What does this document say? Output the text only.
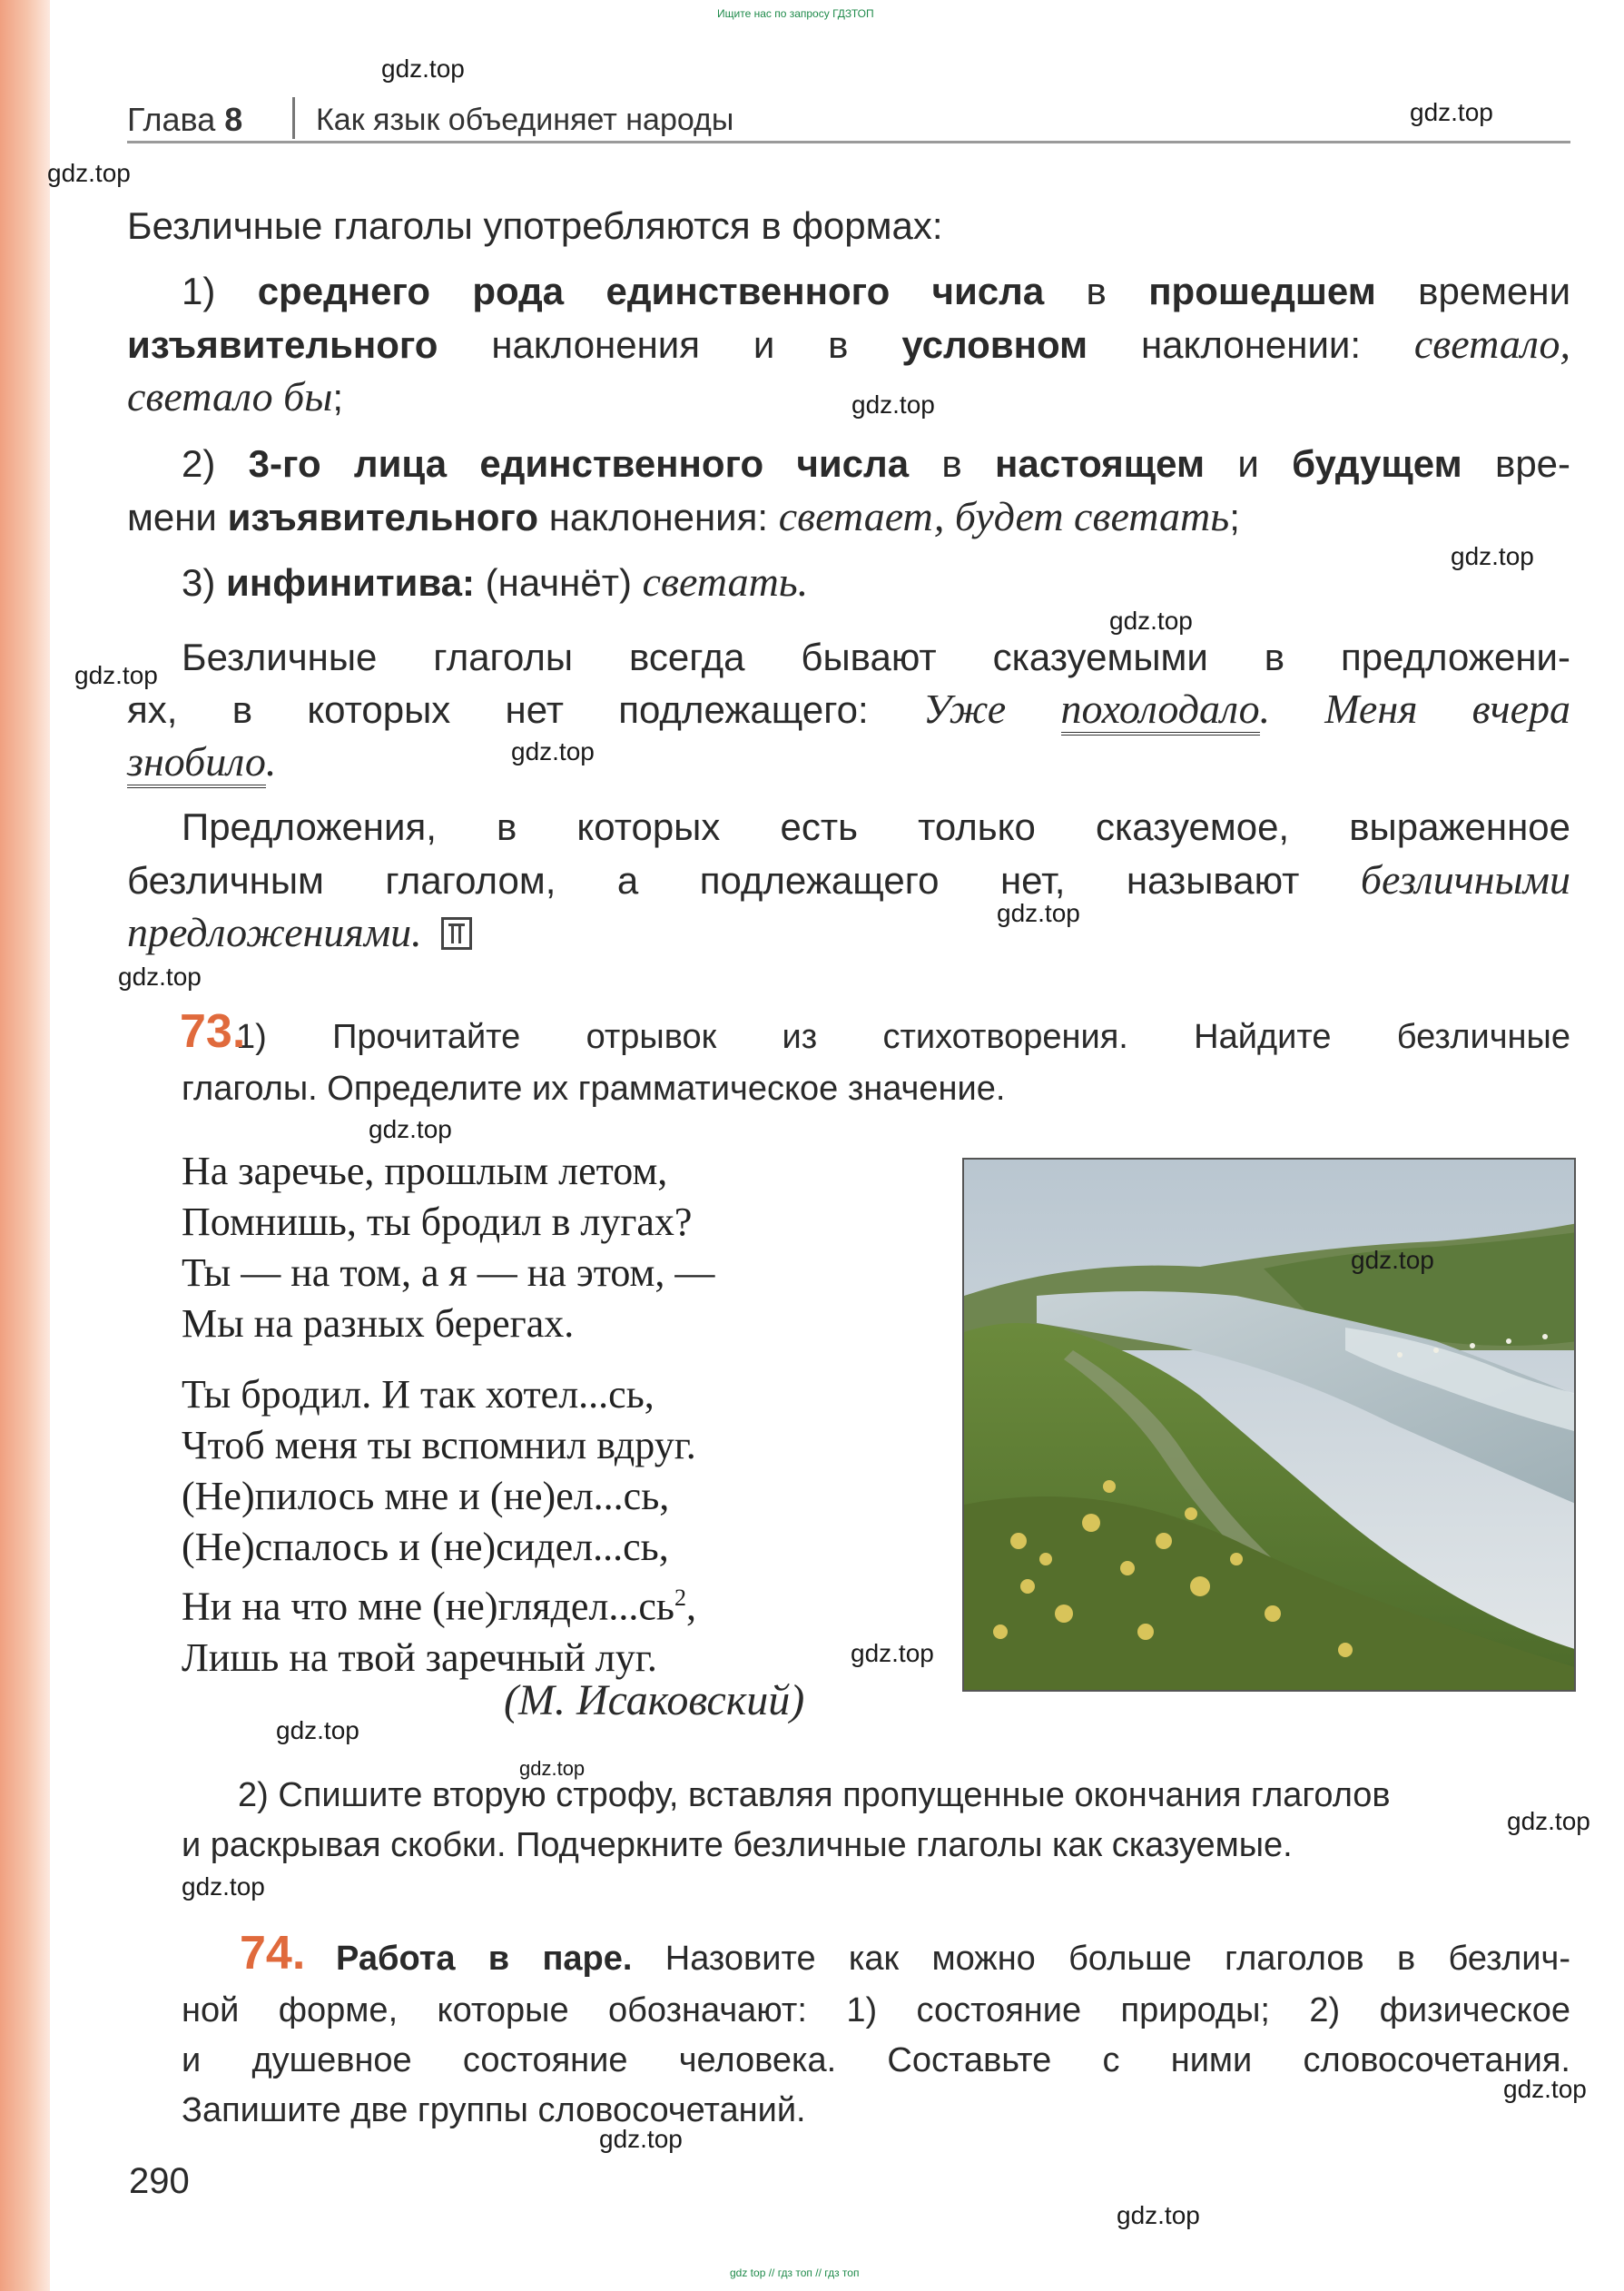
Ищите нас по запросу ГДЗТОП
Глава 8 Как язык объединяет народы
Безличные глаголы употребляются в формах:
1) среднего рода единственного числа в прошедшем времени
изъявительного наклонения и в условном наклонении: светало,
светало бы;
2) 3-го лица единственного числа в настоящем и будущем вре-
мени изъявительного наклонения: светает, будет светать;
3) инфинитива: (начнёт) светать.
Безличные глаголы всегда бывают сказуемыми в предложени-
ях, в которых нет подлежащего: Уже похолодало. Меня вчера
знобило.
Предложения, в которых есть только сказуемое, выраженное
безличным глаголом, а подлежащего нет, называют безличными
предложениями.
73.
1) Прочитайте отрывок из стихотворения. Найдите безличные
глаголы. Определите их грамматическое значение.
На заречье, прошлым летом,
Помнишь, ты бродил в лугах?
Ты — на том, а я — на этом, —
Мы на разных берегах.
Ты бродил. И так хотел...сь,
Чтоб меня ты вспомнил вдруг.
(Не)пилось мне и (не)ел...сь,
(Не)спалось и (не)сидел...сь,
Ни на что мне $(не)глядел...сь^2$,
Лишь на твой заречный луг.
(М. Исаковский)
2) Спишите вторую строфу, вставляя пропущенные окончания глаголов
и раскрывая скобки. Подчеркните безличные глаголы как сказуемые.
74. Работа в паре. Назовите как можно больше глаголов в безлич-
ной форме, которые обозначают: 1) состояние природы; 2) физическое
и душевное состояние человека. Составьте с ними словосочетания.
Запишите две группы словосочетаний.
290
gdz.top
gdz.top
gdz.top
gdz.top
gdz.top
gdz.top
gdz.top
gdz.top
gdz.top
gdz.top
gdz.top
gdz.top
gdz.top
gdz.top
gdz.top
gdz.top
gdz.top
gdz.top
gdz.top
gdz.top
gdz top // гдз топ // гдз топ
